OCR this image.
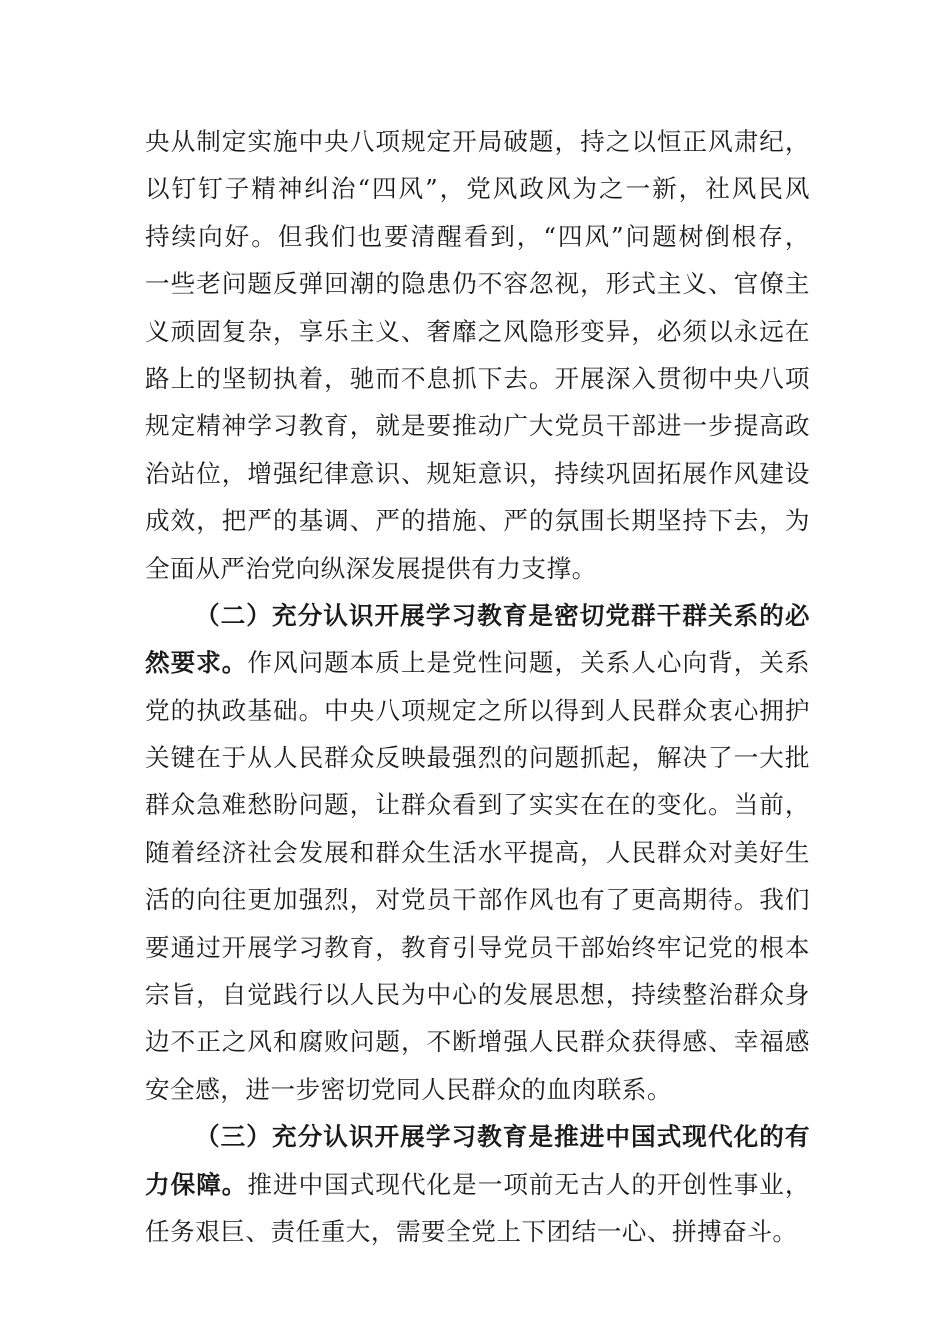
央从制定实施中央八项规定开局破题，持之以恒正风肃纪，
以钉钉子精神纠治“四风”，党风政风为之一新，社风民风
持续向好。但我们也要清醒看到，“四风”问题树倒根存，
一些老问题反弹回潮的隐患仍不容忽视，形式主义、官僚主
义顽固复杂，享乐主义、奢靡之风隐形变异，必须以永远在
路上的坚韧执着，驰而不息抓下去。开展深入贯彻中央八项
规定精神学习教育，就是要推动广大党员干部进一步提高政
治站位，增强纪律意识、规矩意识，持续巩固拓展作风建设
成效，把严的基调、严的措施、严的氛围长期坚持下去，为
全面从严治党向纵深发展提供有力支撑。
（二）充分认识开展学习教育是密切党群干群关系的必
然要求。作风问题本质上是党性问题，关系人心向背，关系
党的执政基础。中央八项规定之所以得到人民群众衷心拥护
关键在于从人民群众反映最强烈的问题抓起，解决了一大批
群众急难愁盼问题，让群众看到了实实在在的变化。当前，
随着经济社会发展和群众生活水平提高，人民群众对美好生
活的向往更加强烈，对党员干部作风也有了更高期待。我们
要通过开展学习教育，教育引导党员干部始终牢记党的根本
宗旨，自觉践行以人民为中心的发展思想，持续整治群众身
边不正之风和腐败问题，不断增强人民群众获得感、幸福感
安全感，进一步密切党同人民群众的血肉联系。
（三）充分认识开展学习教育是推进中国式现代化的有
力保障。推进中国式现代化是一项前无古人的开创性事业，
任务艰巨、责任重大，需要全党上下团结一心、拼搏奋斗。
